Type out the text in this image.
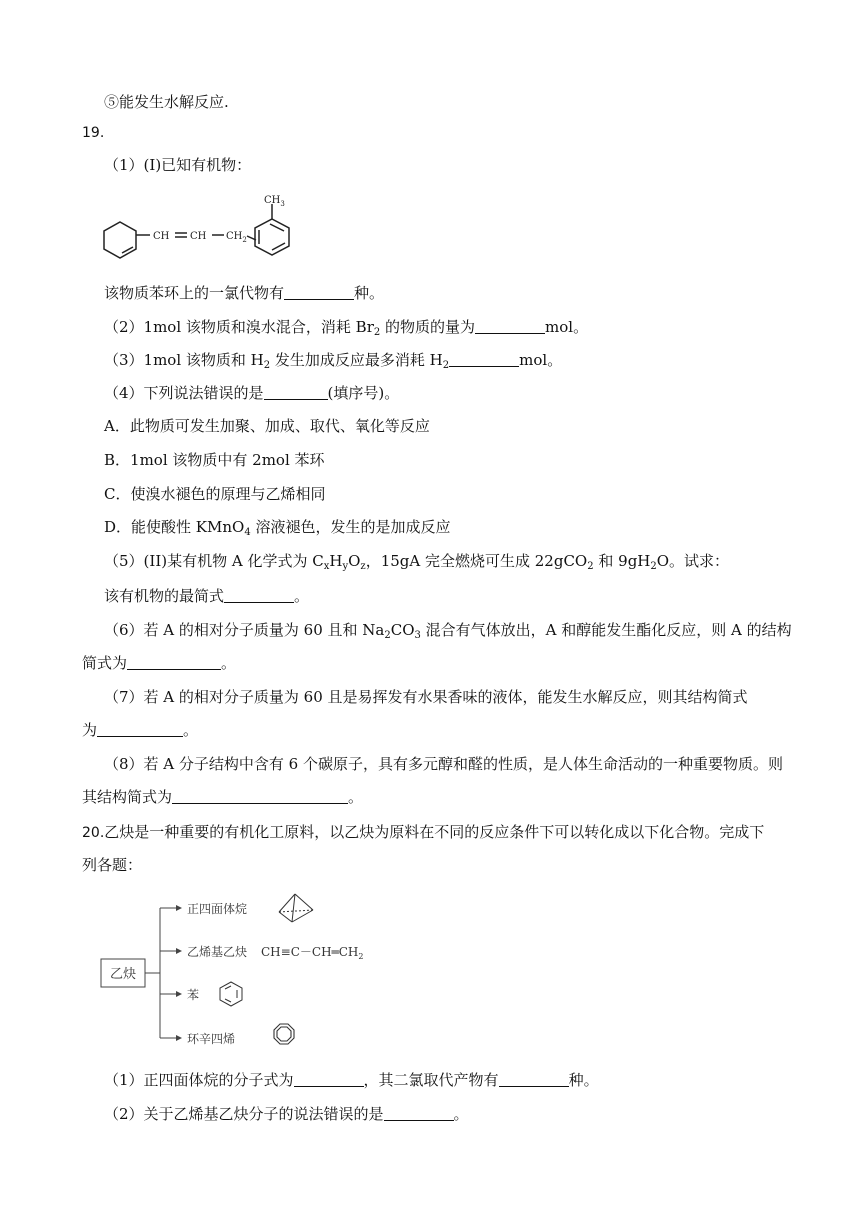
⑤能发生水解反应.
19.
（1）(I)已知有机物：
$CH_3$
CH CH $CH_2$
该物质苯环上的一氯代物有	种。
（2）1mol 该物质和溴水混合，消耗 $Br_2$ 的物质的量为	mol。
（3）1mol 该物质和 $H_2$ 发生加成反应最多消耗 $H_2$	mol。
（4）下列说法错误的是	(填序号)。
A．此物质可发生加聚、加成、取代、氧化等反应
B．1mol 该物质中有 2mol 苯环
C．使溴水褪色的原理与乙烯相同
D．能使酸性 KMnO$_4$ 溶液褪色，发生的是加成反应
（5）(II)某有机物 A 化学式为 $C_xH_yO_z$，15gA 完全燃烧可生成 22gCO$_2$ 和 $9gH_2O$。试求：
该有机物的最简式	。
（6）若 A 的相对分子质量为 60 且和 $Na_2CO_3$ 混合有气体放出，A 和醇能发生酯化反应，则 A 的结构
简式为	。
（7）若 A 的相对分子质量为 60 且是易挥发有水果香味的液体，能发生水解反应，则其结构简式
为	。
（8）若 A 分子结构中含有 6 个碳原子，具有多元醇和醛的性质，是人体生命活动的一种重要物质。则
其结构简式为	。
20.乙炔是一种重要的有机化工原料，以乙炔为原料在不同的反应条件下可以转化成以下化合物。完成下
列各题：
乙炔
正四面体烷
乙烯基乙炔
苯
环辛四烯
$CH\equiv C-CH═CH_2$
（1）正四面体烷的分子式为	，其二氯取代产物有	种。
（2）关于乙烯基乙炔分子的说法错误的是	。
